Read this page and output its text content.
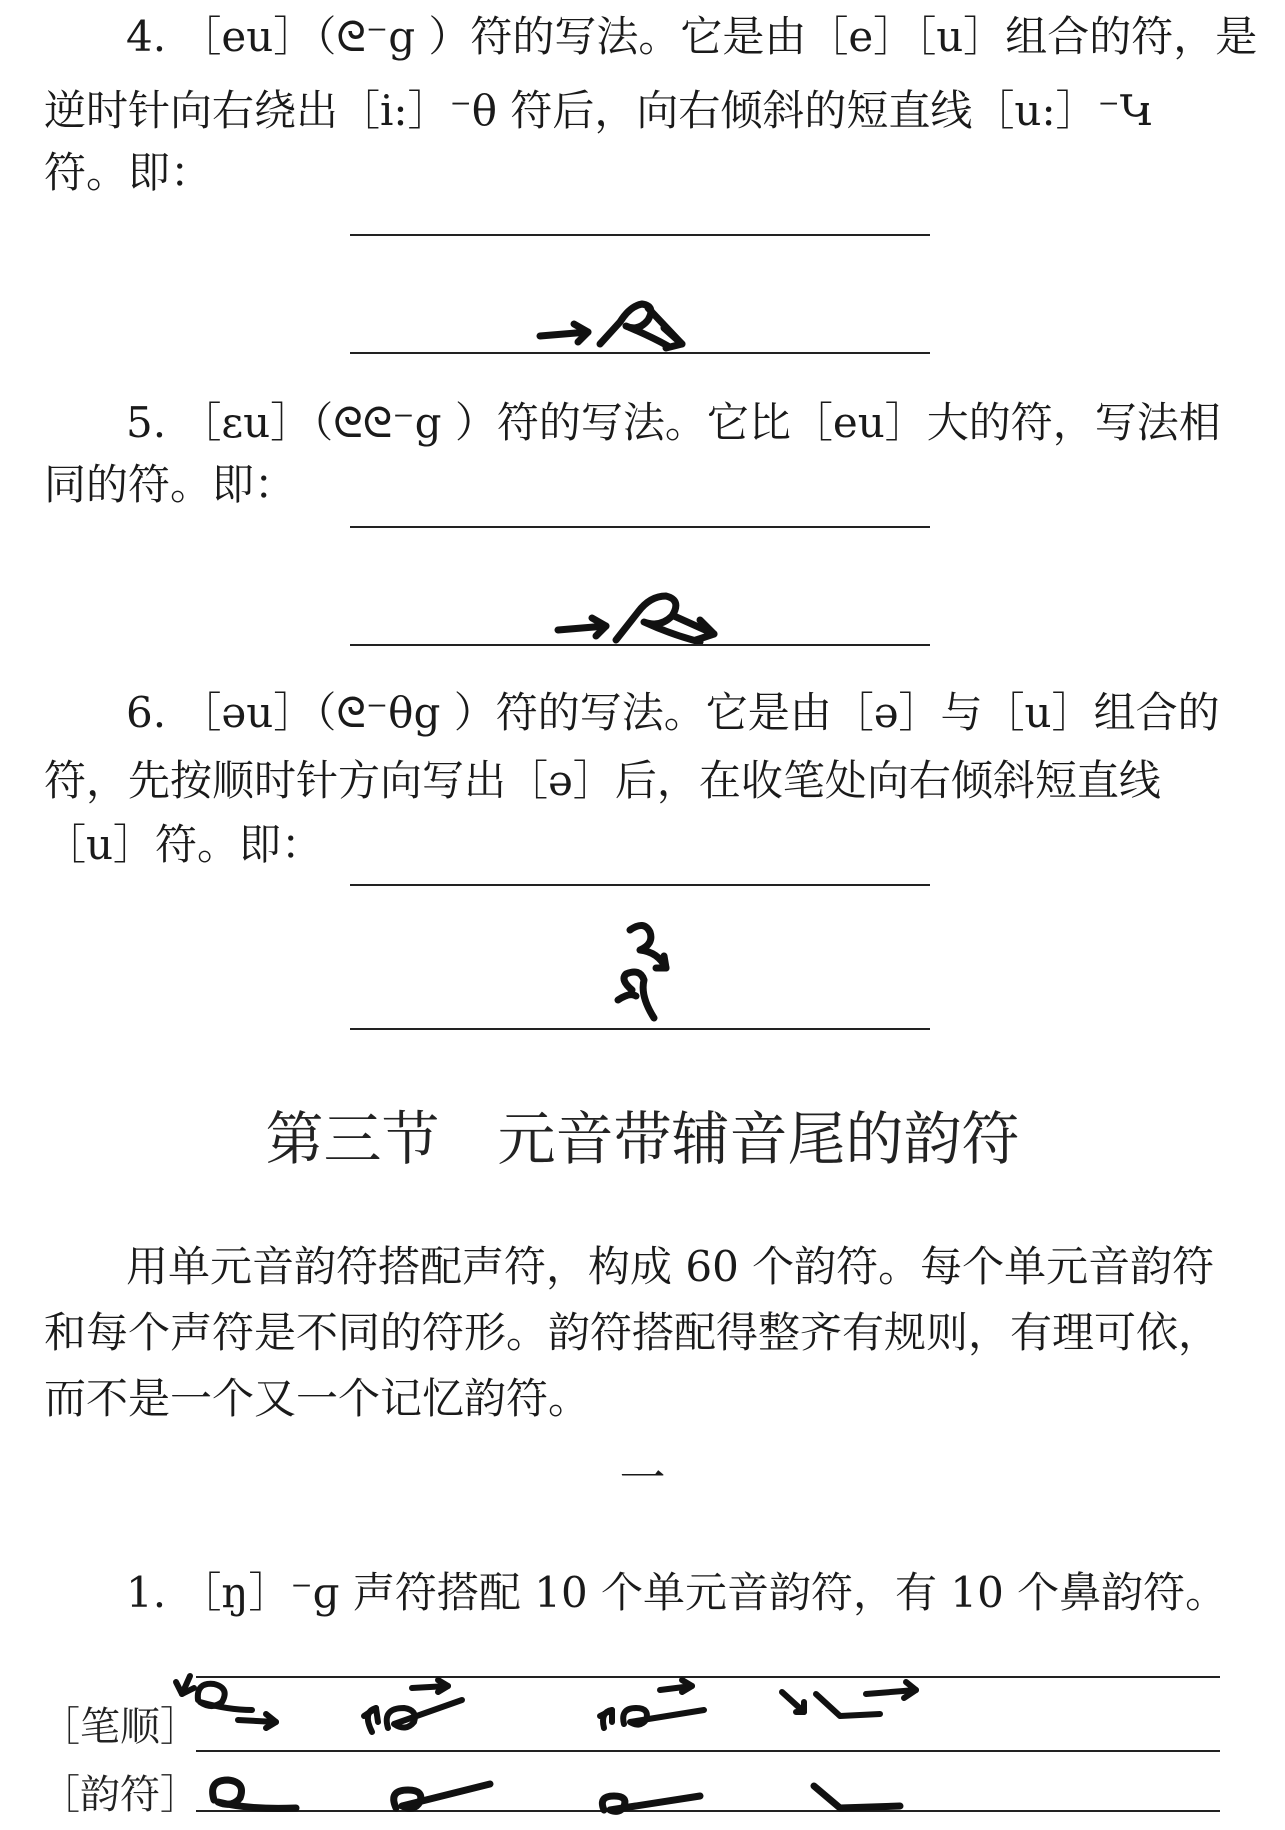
4. ［eu］（ᘓ⁻ց ）符的写法。它是由［e］［u］组合的符，是

逆时针向右绕出［i:］⁻θ 符后，向右倾斜的短直线［u:］⁻Կ

符。即：

5. ［ɛu］（ᘓᘓ⁻ց ）符的写法。它比［eu］大的符，写法相

同的符。即：

6. ［əu］（ᘓ⁻θց ）符的写法。它是由［ə］与［u］组合的

符，先按顺时针方向写出［ə］后，在收笔处向右倾斜短直线

［u］符。即：

第三节　元音带辅音尾的韵符

用单元音韵符搭配声符，构成 60 个韵符。每个单元音韵符

和每个声符是不同的符形。韵符搭配得整齐有规则，有理可依，

而不是一个又一个记忆韵符。

一

1. ［ŋ］⁻ɡ 声符搭配 10 个单元音韵符，有 10 个鼻韵符。

［笔顺］
［韵符］
